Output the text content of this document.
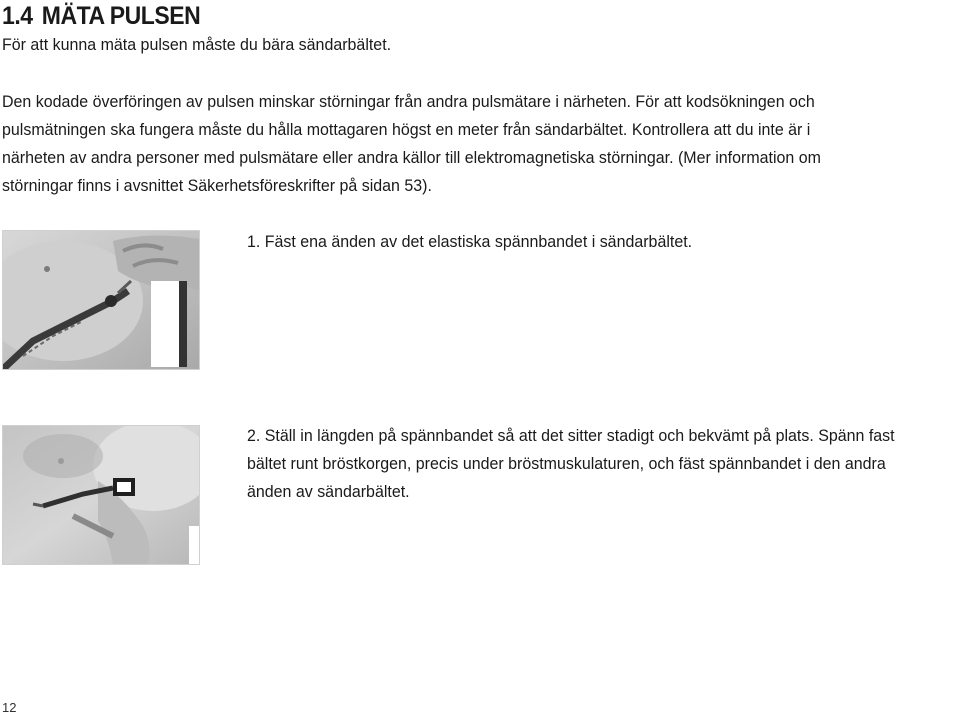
1.4 MÄTA PULSEN
För att kunna mäta pulsen måste du bära sändarbältet.
Den kodade överföringen av pulsen minskar störningar från andra pulsmätare i närheten. För att kodsökningen och
pulsmätningen ska fungera måste du hålla mottagaren högst en meter från sändarbältet. Kontrollera att du inte är i
närheten av andra personer med pulsmätare eller andra källor till elektromagnetiska störningar. (Mer information om
störningar finns i avsnittet Säkerhetsföreskrifter på sidan 53).
1. Fäst ena änden av det elastiska spännbandet i sändarbältet.
2. Ställ in längden på spännbandet så att det sitter stadigt och bekvämt på plats. Spänn fast
bältet runt bröstkorgen, precis under bröstmuskulaturen, och fäst spännbandet i den andra
änden av sändarbältet.
12
